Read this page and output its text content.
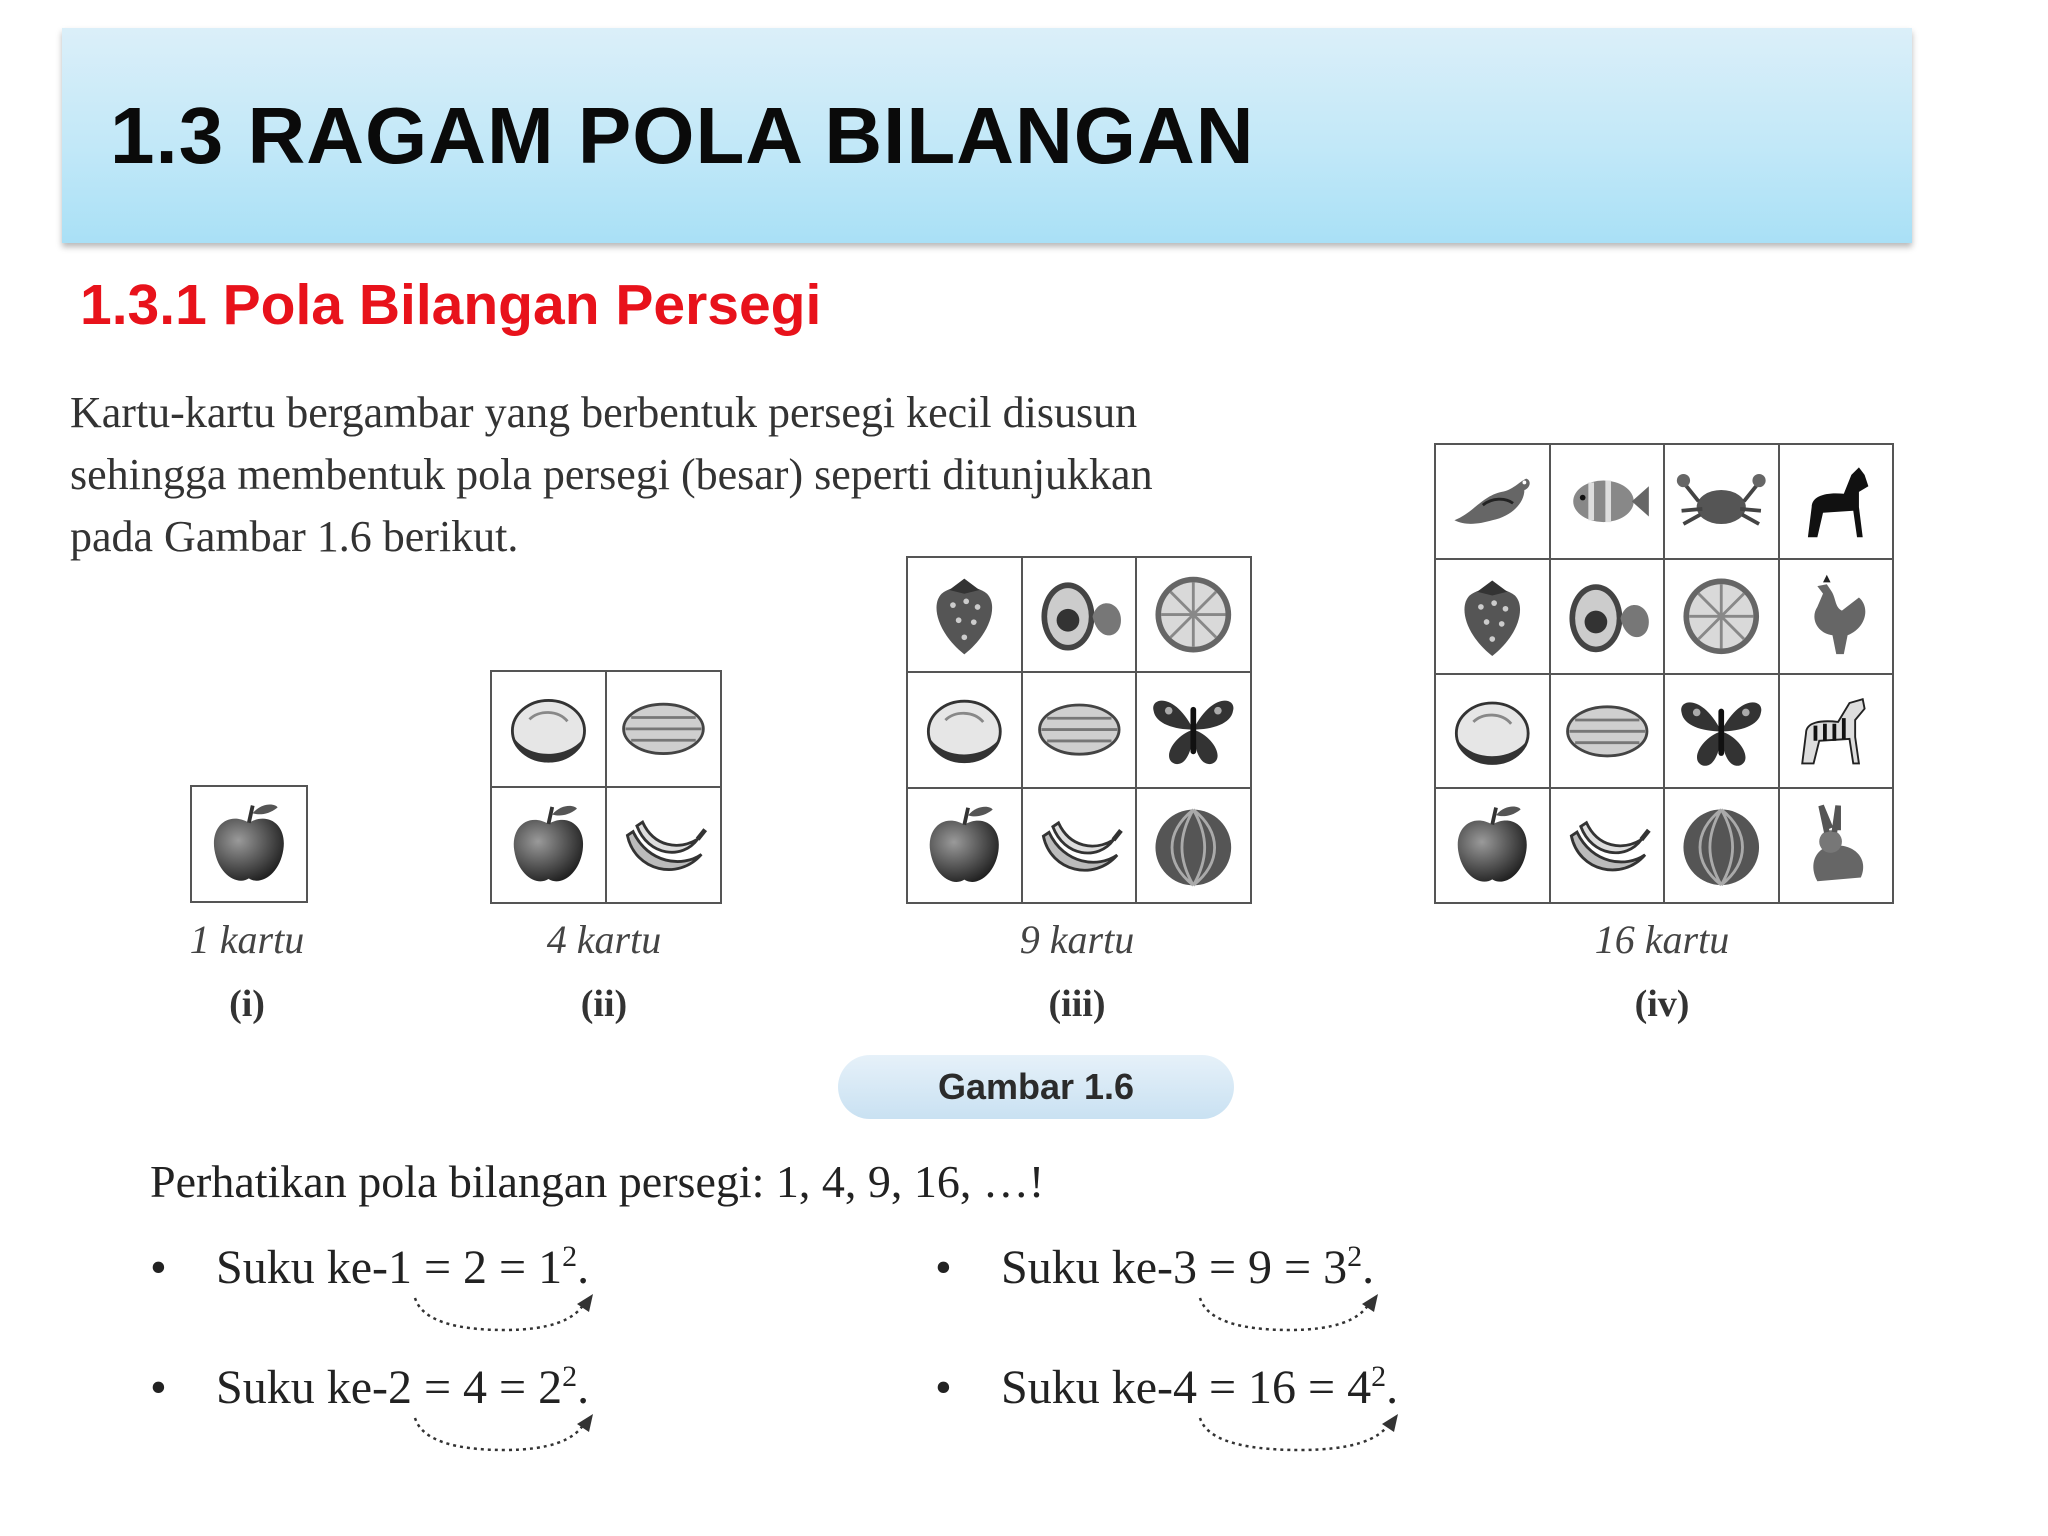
1.3 RAGAM POLA BILANGAN
1.3.1 Pola Bilangan Persegi
Kartu-kartu bergambar yang berbentuk persegi kecil disusun
sehingga membentuk pola persegi (besar) seperti ditunjukkan
pada Gambar 1.6 berikut.
1 kartu
(i)
4 kartu
(ii)
9 kartu
(iii)
16 kartu
(iv)
Gambar 1.6

Perhatikan pola bilangan persegi: 1, 4, 9, 16, …!

• Suku $ke-1 = 2 = 1^2$.
• Suku $ke-2 = 4 = 2^2$.
• Suku $ke-3 = 9 = 3^2$.
• Suku $ke-4 = 16 = 4^2$.
